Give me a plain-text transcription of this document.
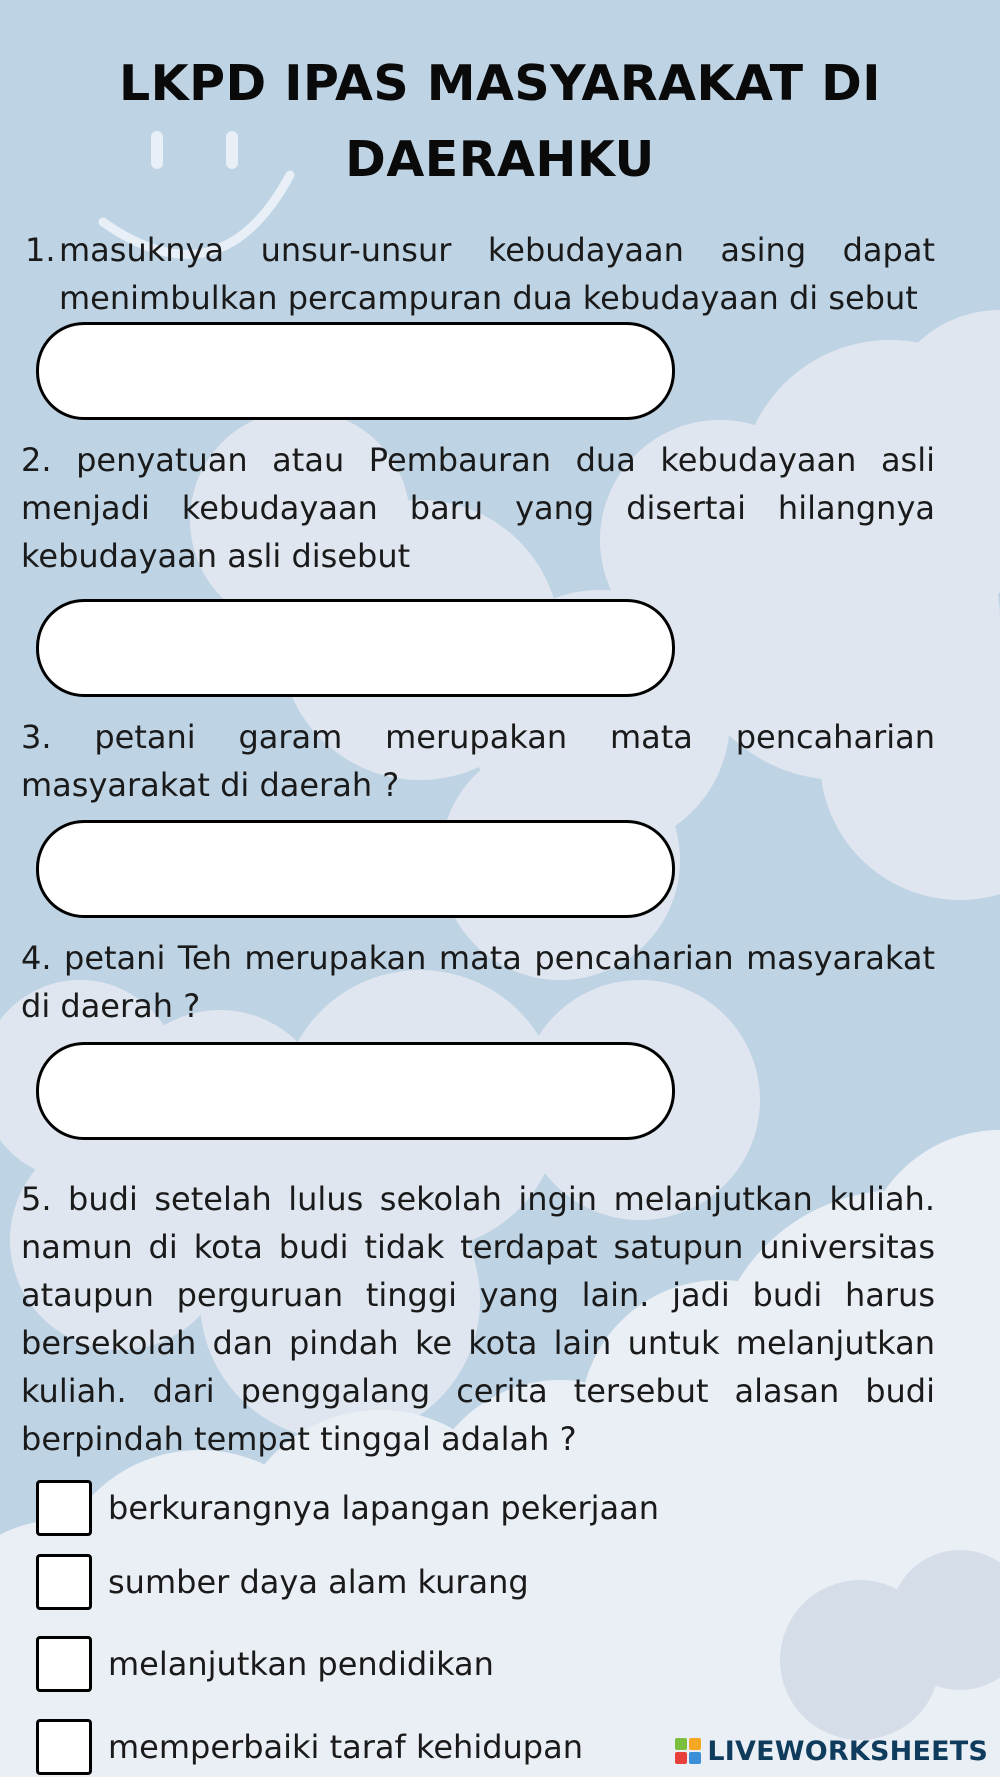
LKPD IPAS MASYARAKAT DI DAERAHKU
1. masuknya unsur-unsur kebudayaan asing dapat menimbulkan percampuran dua kebudayaan di sebut
2. penyatuan atau Pembauran dua kebudayaan asli menjadi kebudayaan baru yang disertai hilangnya kebudayaan asli disebut
3. petani garam merupakan mata pencaharian masyarakat di daerah ?
4. petani Teh merupakan mata pencaharian masyarakat di daerah ?
5. budi setelah lulus sekolah ingin melanjutkan kuliah. namun di kota budi tidak terdapat satupun universitas ataupun perguruan tinggi yang lain. jadi budi harus bersekolah dan pindah ke kota lain untuk melanjutkan kuliah. dari penggalang cerita tersebut alasan budi berpindah tempat tinggal adalah ?
berkurangnya lapangan pekerjaan
sumber daya alam kurang
melanjutkan pendidikan
memperbaiki taraf kehidupan	LIVEWORKSHEETS
